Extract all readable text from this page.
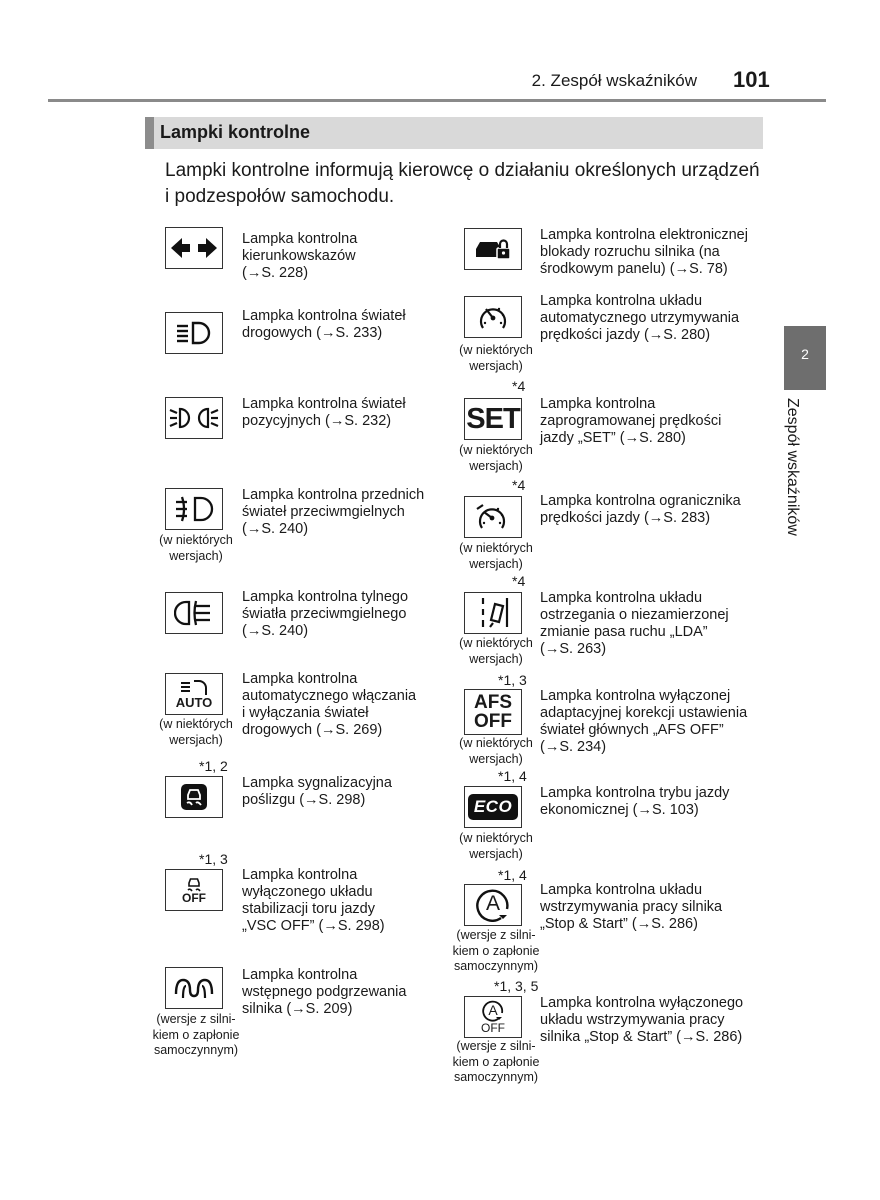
2. Zespół wskaźników 101
Lampki kontrolne
Lampki kontrolne informują kierowcę o działaniu określonych urządzeń
i podzespołów samochodu.
2
Zespół wskaźników
Lampka kontrolna
kierunkowskazów
(→S. 228)
Lampka kontrolna świateł
drogowych (→S. 233)
Lampka kontrolna świateł
pozycyjnych (→S. 232)
(w niektórych
wersjach)
Lampka kontrolna przednich
świateł przeciwmgielnych
(→S. 240)
Lampka kontrolna tylnego
światła przeciwmgielnego
(→S. 240)
AUTO
(w niektórych
wersjach)
Lampka kontrolna
automatycznego włączania
i wyłączania świateł
drogowych (→S. 269)
*1, 2
Lampka sygnalizacyjna
poślizgu (→S. 298)
*1, 3
OFF
Lampka kontrolna
wyłączonego układu
stabilizacji toru jazdy
„VSC OFF” (→S. 298)
(wersje z silni-
kiem o zapłonie
samoczynnym)
Lampka kontrolna
wstępnego podgrzewania
silnika (→S. 209)
Lampka kontrolna elektronicznej
blokady rozruchu silnika (na
środkowym panelu) (→S. 78)
(w niektórych
wersjach)
Lampka kontrolna układu
automatycznego utrzymywania
prędkości jazdy (→S. 280)
*4
SET
(w niektórych
wersjach)
Lampka kontrolna
zaprogramowanej prędkości
jazdy „SET” (→S. 280)
*4
(w niektórych
wersjach)
Lampka kontrolna ogranicznika
prędkości jazdy (→S. 283)
*4
(w niektórych
wersjach)
Lampka kontrolna układu
ostrzegania o niezamierzonej
zmianie pasa ruchu „LDA”
(→S. 263)
*1, 3
AFS
OFF
(w niektórych
wersjach)
Lampka kontrolna wyłączonej
adaptacyjnej korekcji ustawienia
świateł głównych „AFS OFF”
(→S. 234)
*1, 4
ECO
(w niektórych
wersjach)
Lampka kontrolna trybu jazdy
ekonomicznej (→S. 103)
*1, 4
A
(wersje z silni-
kiem o zapłonie
samoczynnym)
Lampka kontrolna układu
wstrzymywania pracy silnika
„Stop & Start” (→S. 286)
*1, 3, 5
A
OFF
(wersje z silni-
kiem o zapłonie
samoczynnym)
Lampka kontrolna wyłączonego
układu wstrzymywania pracy
silnika „Stop & Start” (→S. 286)
